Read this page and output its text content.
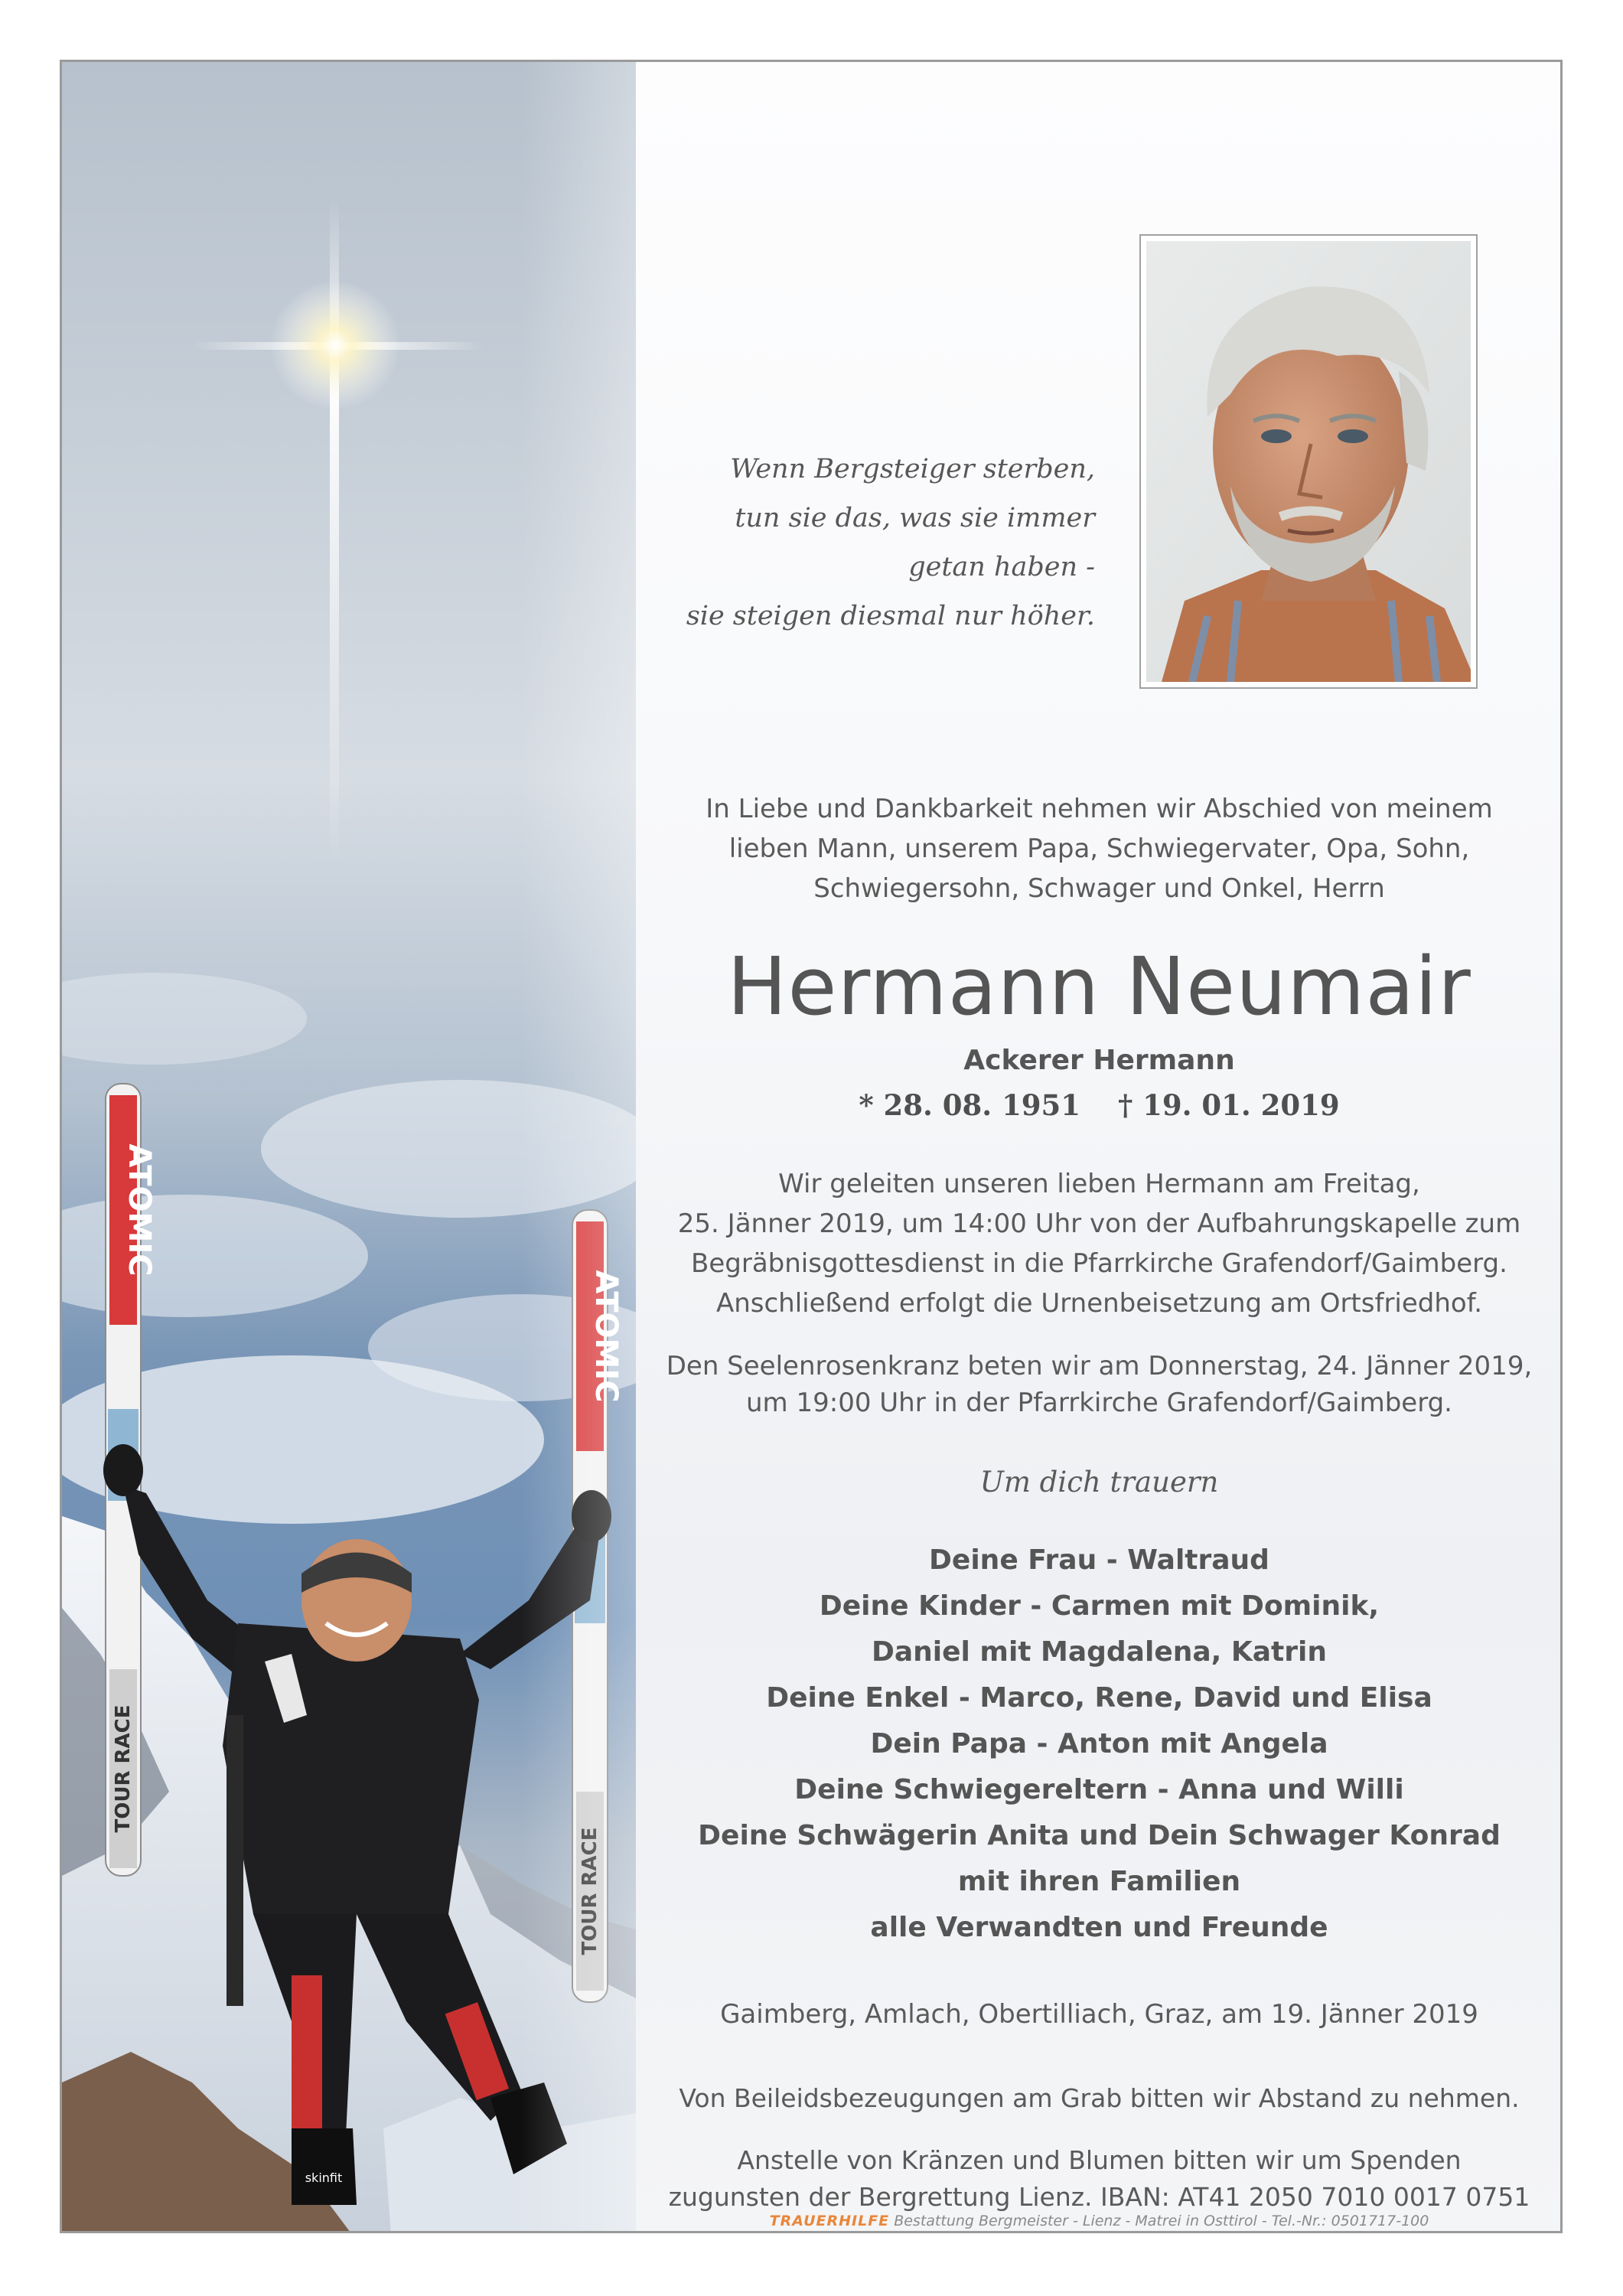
ATOMIC
TOUR RACE
skinfit
Wenn Bergsteiger sterben,
tun sie das, was sie immer
getan haben -
sie steigen diesmal nur höher.
In Liebe und Dankbarkeit nehmen wir Abschied von meinem
lieben Mann, unserem Papa, Schwiegervater, Opa, Sohn,
Schwiegersohn, Schwager und Onkel, Herrn
Hermann Neumair
Ackerer Hermann
* 28. 08. 1951 † 19. 01. 2019
Wir geleiten unseren lieben Hermann am Freitag,
25. Jänner 2019, um 14:00 Uhr von der Aufbahrungskapelle zum
Begräbnisgottesdienst in die Pfarrkirche Grafendorf/Gaimberg.
Anschließend erfolgt die Urnenbeisetzung am Ortsfriedhof.
Den Seelenrosenkranz beten wir am Donnerstag, 24. Jänner 2019,
um 19:00 Uhr in der Pfarrkirche Grafendorf/Gaimberg.
Um dich trauern
Deine Frau - Waltraud
Deine Kinder - Carmen mit Dominik,
Daniel mit Magdalena, Katrin
Deine Enkel - Marco, Rene, David und Elisa
Dein Papa - Anton mit Angela
Deine Schwiegereltern - Anna und Willi
Deine Schwägerin Anita und Dein Schwager Konrad
mit ihren Familien
alle Verwandten und Freunde
Gaimberg, Amlach, Obertilliach, Graz, am 19. Jänner 2019
Von Beileidsbezeugungen am Grab bitten wir Abstand zu nehmen.
Anstelle von Kränzen und Blumen bitten wir um Spenden
zugunsten der Bergrettung Lienz. IBAN: AT41 2050 7010 0017 0751
TRAUERHILFE Bestattung Bergmeister - Lienz - Matrei in Osttirol - Tel.-Nr.: 0501717-100
